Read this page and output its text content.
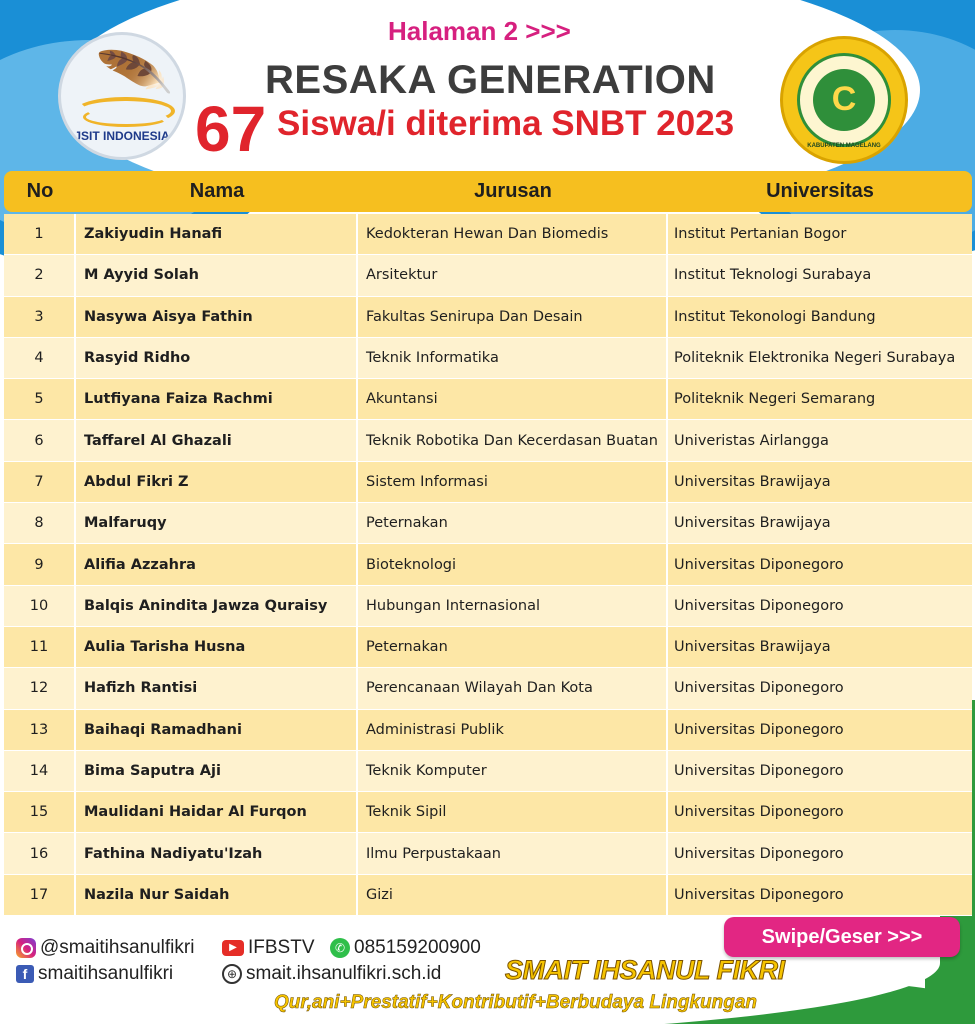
🪶
JSIT INDONESIA
C
KABUPATEN MAGELANG
Halaman 2 >>>
RESAKA GENERATION
67 Siswa/i diterima SNBT 2023
No	Nama	Jurusan	Universitas
1	Zakiyudin Hanafi	Kedokteran Hewan Dan Biomedis	Institut Pertanian Bogor
2	M Ayyid Solah	Arsitektur	Institut Teknologi Surabaya
3	Nasywa Aisya Fathin	Fakultas Senirupa Dan Desain	Institut Tekonologi Bandung
4	Rasyid Ridho	Teknik Informatika	Politeknik Elektronika Negeri Surabaya
5	Lutfiyana Faiza Rachmi	Akuntansi	Politeknik Negeri Semarang
6	Taffarel Al Ghazali	Teknik Robotika Dan Kecerdasan Buatan	Univeristas Airlangga
7	Abdul Fikri Z	Sistem Informasi	Universitas Brawijaya
8	Malfaruqy	Peternakan	Universitas Brawijaya
9	Alifia Azzahra	Bioteknologi	Universitas Diponegoro
10	Balqis Anindita Jawza Quraisy	Hubungan Internasional	Universitas Diponegoro
11	Aulia Tarisha Husna	Peternakan	Universitas Brawijaya
12	Hafizh Rantisi	Perencanaan Wilayah Dan Kota	Universitas Diponegoro
13	Baihaqi Ramadhani	Administrasi Publik	Universitas Diponegoro
14	Bima Saputra Aji	Teknik Komputer	Universitas Diponegoro
15	Maulidani Haidar Al Furqon	Teknik Sipil	Universitas Diponegoro
16	Fathina Nadiyatu'Izah	Ilmu Perpustakaan	Universitas Diponegoro
17	Nazila Nur Saidah	Gizi	Universitas Diponegoro
@smaitihsanulfikri	▶ IFBSTV	✆ 085159200900
f smaitihsanulfikri	⊕ smait.ihsanulfikri.sch.id
Swipe/Geser >>>
SMAIT IHSANUL FIKRI
Qur,ani+Prestatif+Kontributif+Berbudaya Lingkungan
